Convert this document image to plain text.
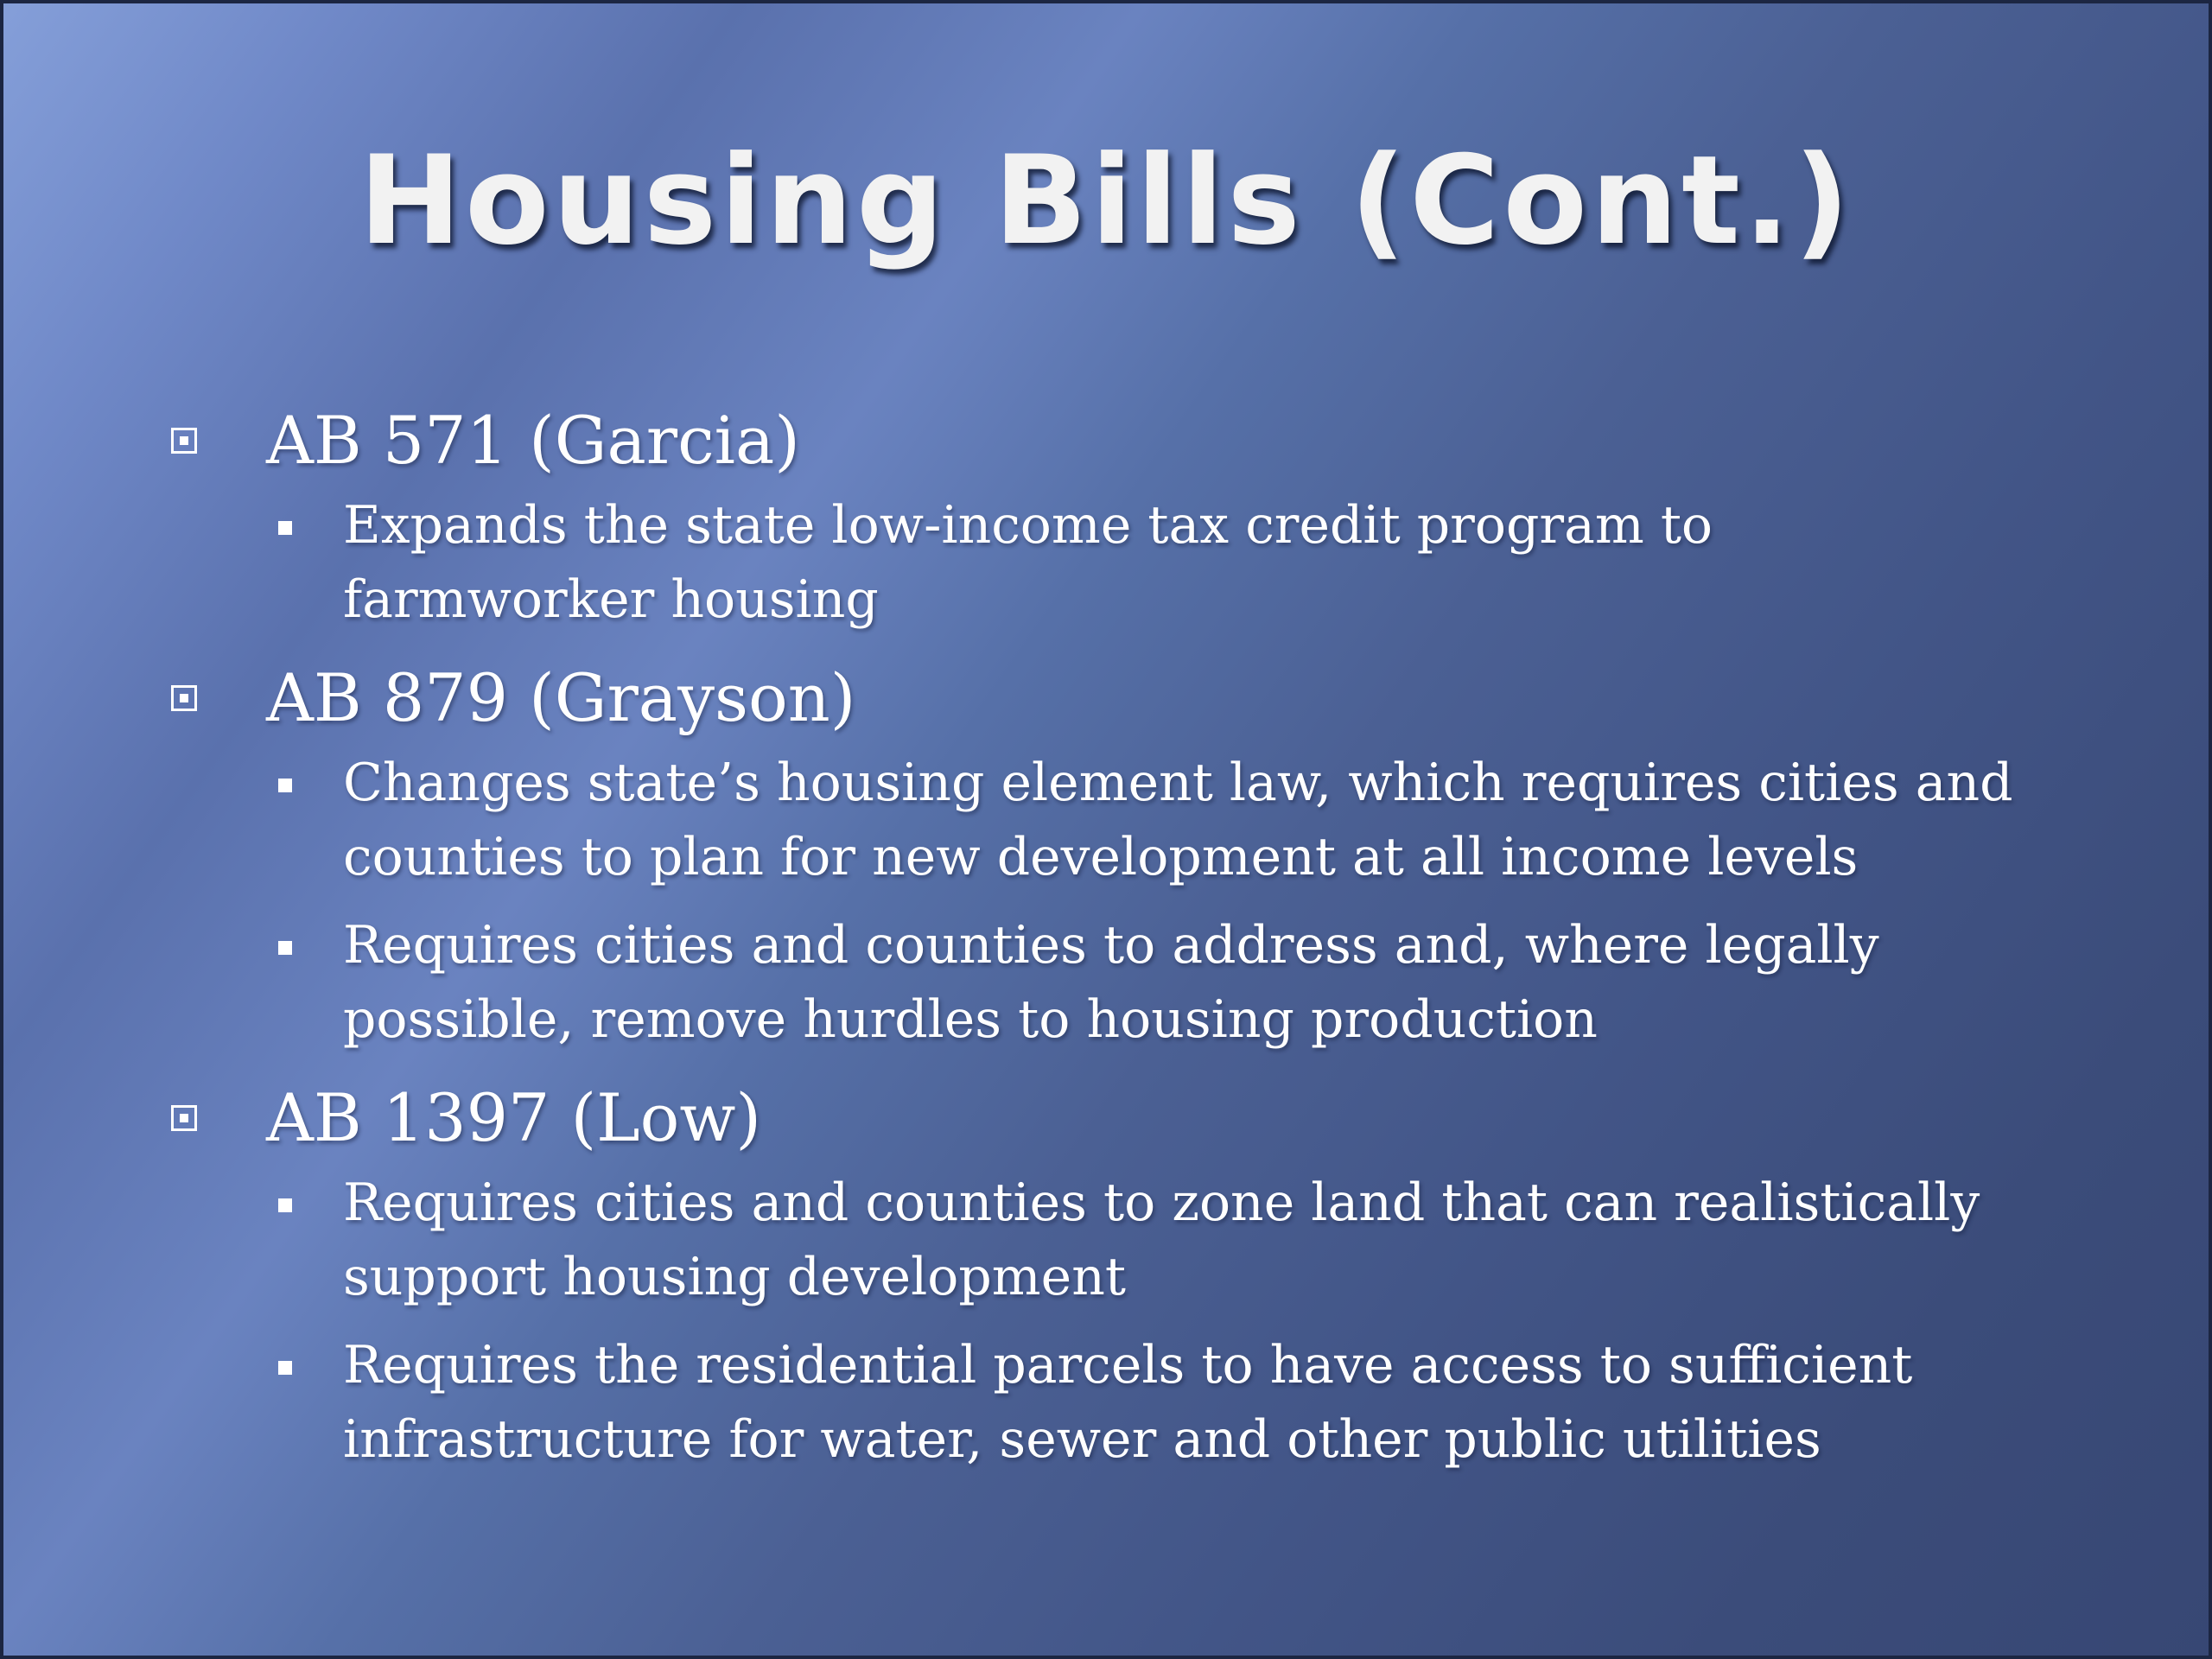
Housing Bills (Cont.)
AB 571 (Garcia)
Expands the state low-income tax credit program to
farmworker housing
AB 879 (Grayson)
Changes state’s housing element law, which requires cities and
counties to plan for new development at all income levels
Requires cities and counties to address and, where legally
possible, remove hurdles to housing production
AB 1397 (Low)
Requires cities and counties to zone land that can realistically
support housing development
Requires the residential parcels to have access to sufficient
infrastructure for water, sewer and other public utilities
